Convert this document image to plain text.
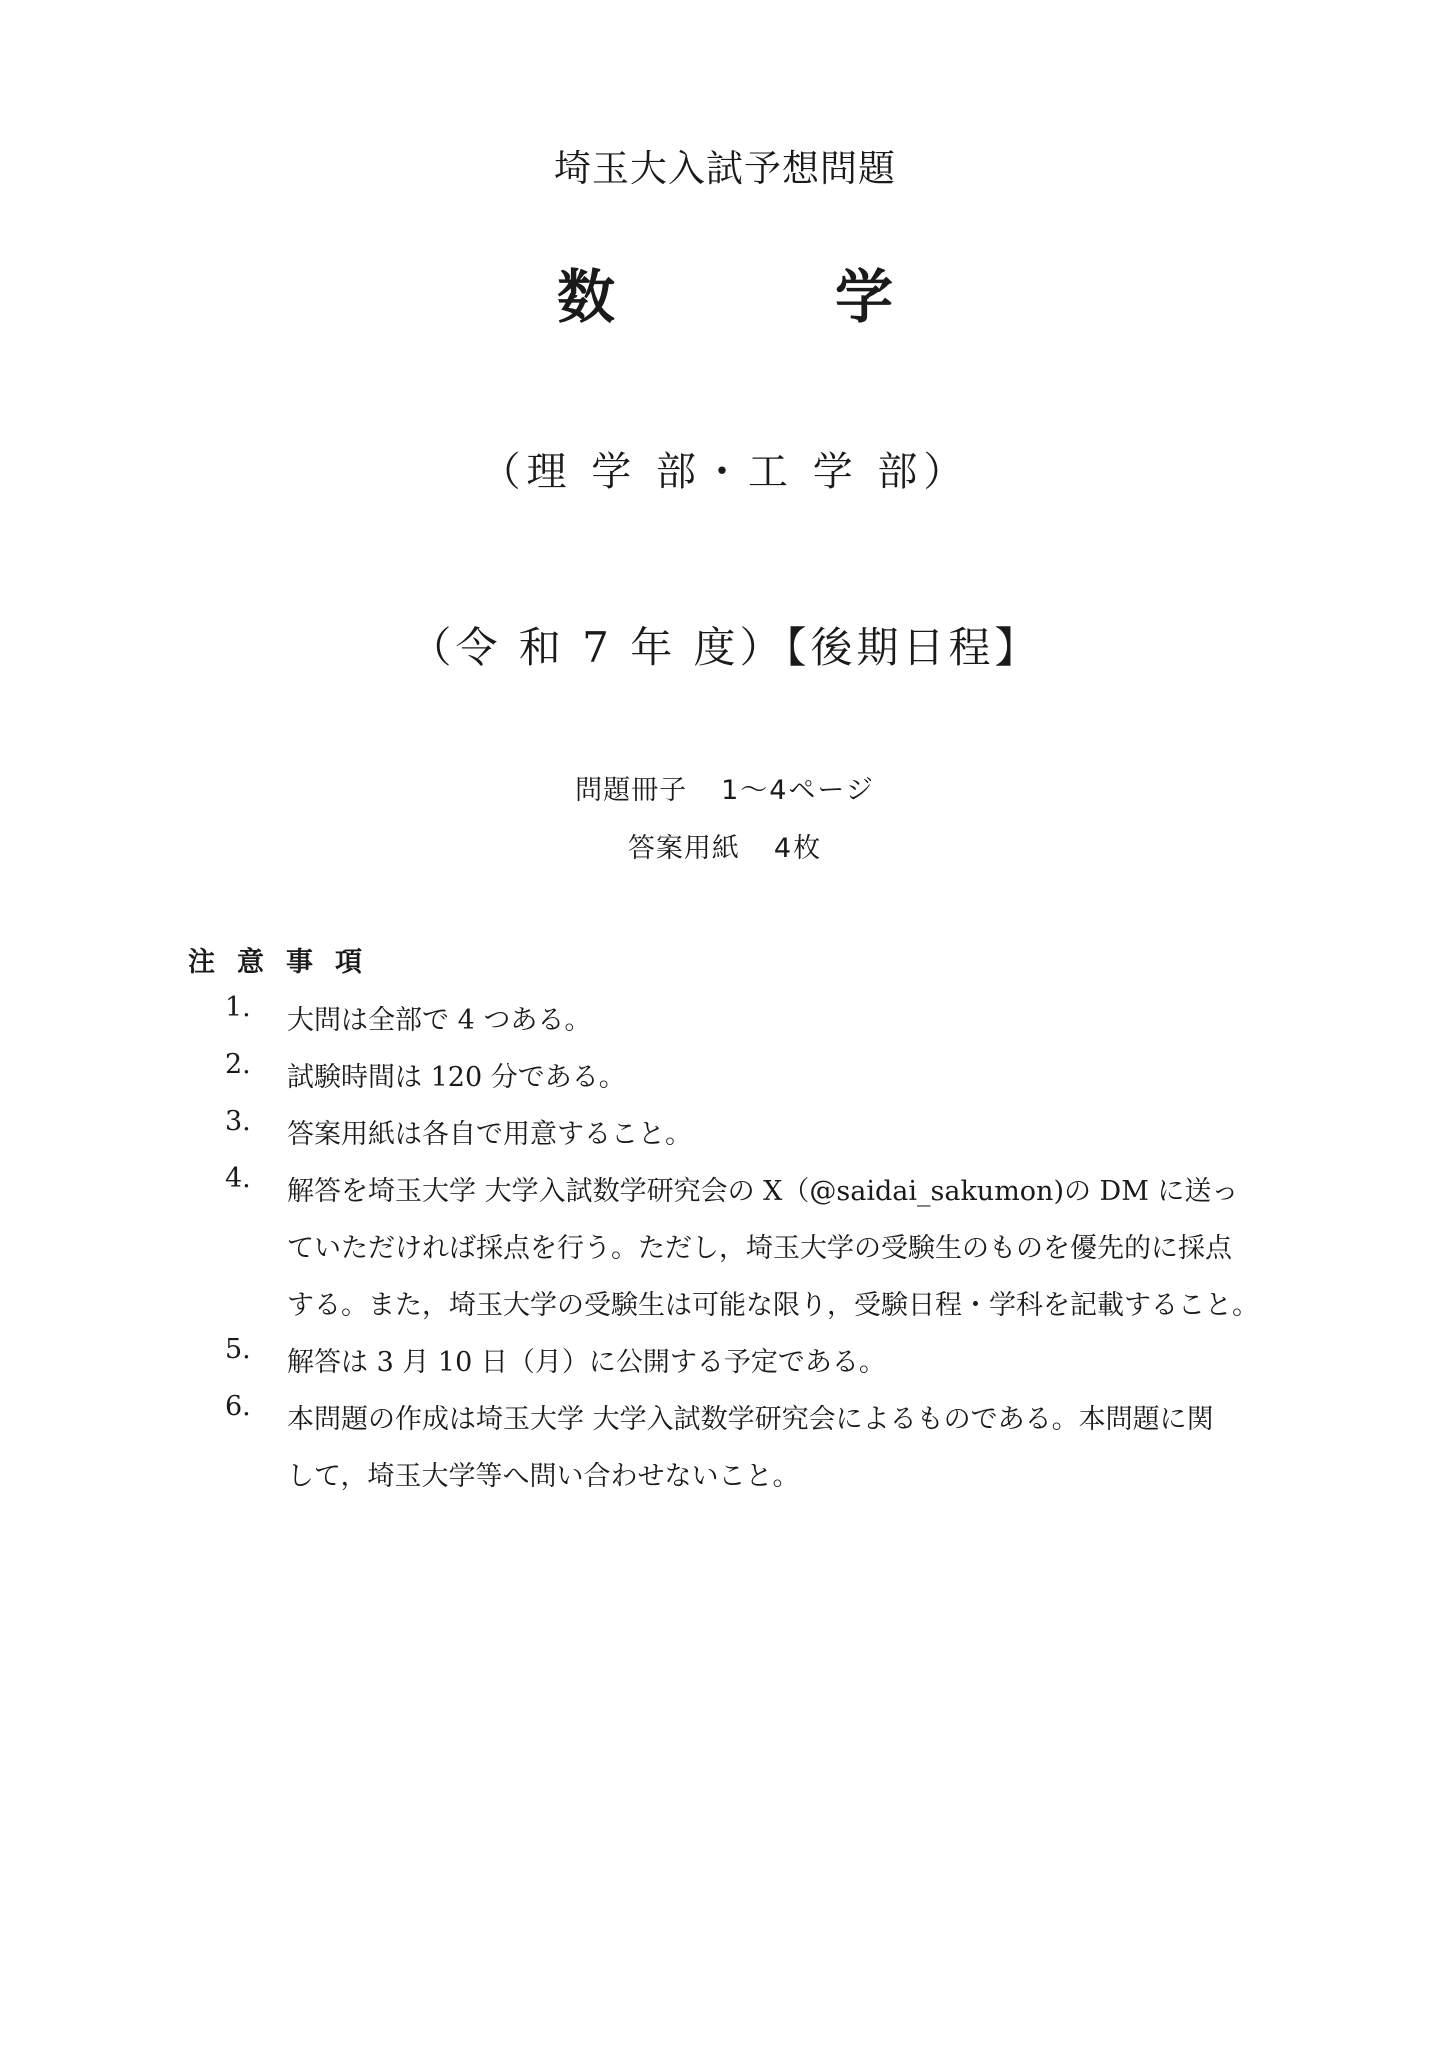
埼玉大入試予想問題
数	学
（理 学 部・工 学 部）
（令 和 7 年 度）【後期日程】
問題冊子 1～4ページ
答案用紙 4枚
注意事項
1.	大問は全部で 4 つある。
2.	試験時間は 120 分である。
3.	答案用紙は各自で用意すること。
4.	解答を埼玉大学 大学入試数学研究会の X（@saidai_sakumon)の DM に送っ
ていただければ採点を行う。ただし，埼玉大学の受験生のものを優先的に採点
する。また，埼玉大学の受験生は可能な限り，受験日程・学科を記載すること。
5.	解答は 3 月 10 日（月）に公開する予定である。
6.	本問題の作成は埼玉大学 大学入試数学研究会によるものである。本問題に関
して，埼玉大学等へ問い合わせないこと。
